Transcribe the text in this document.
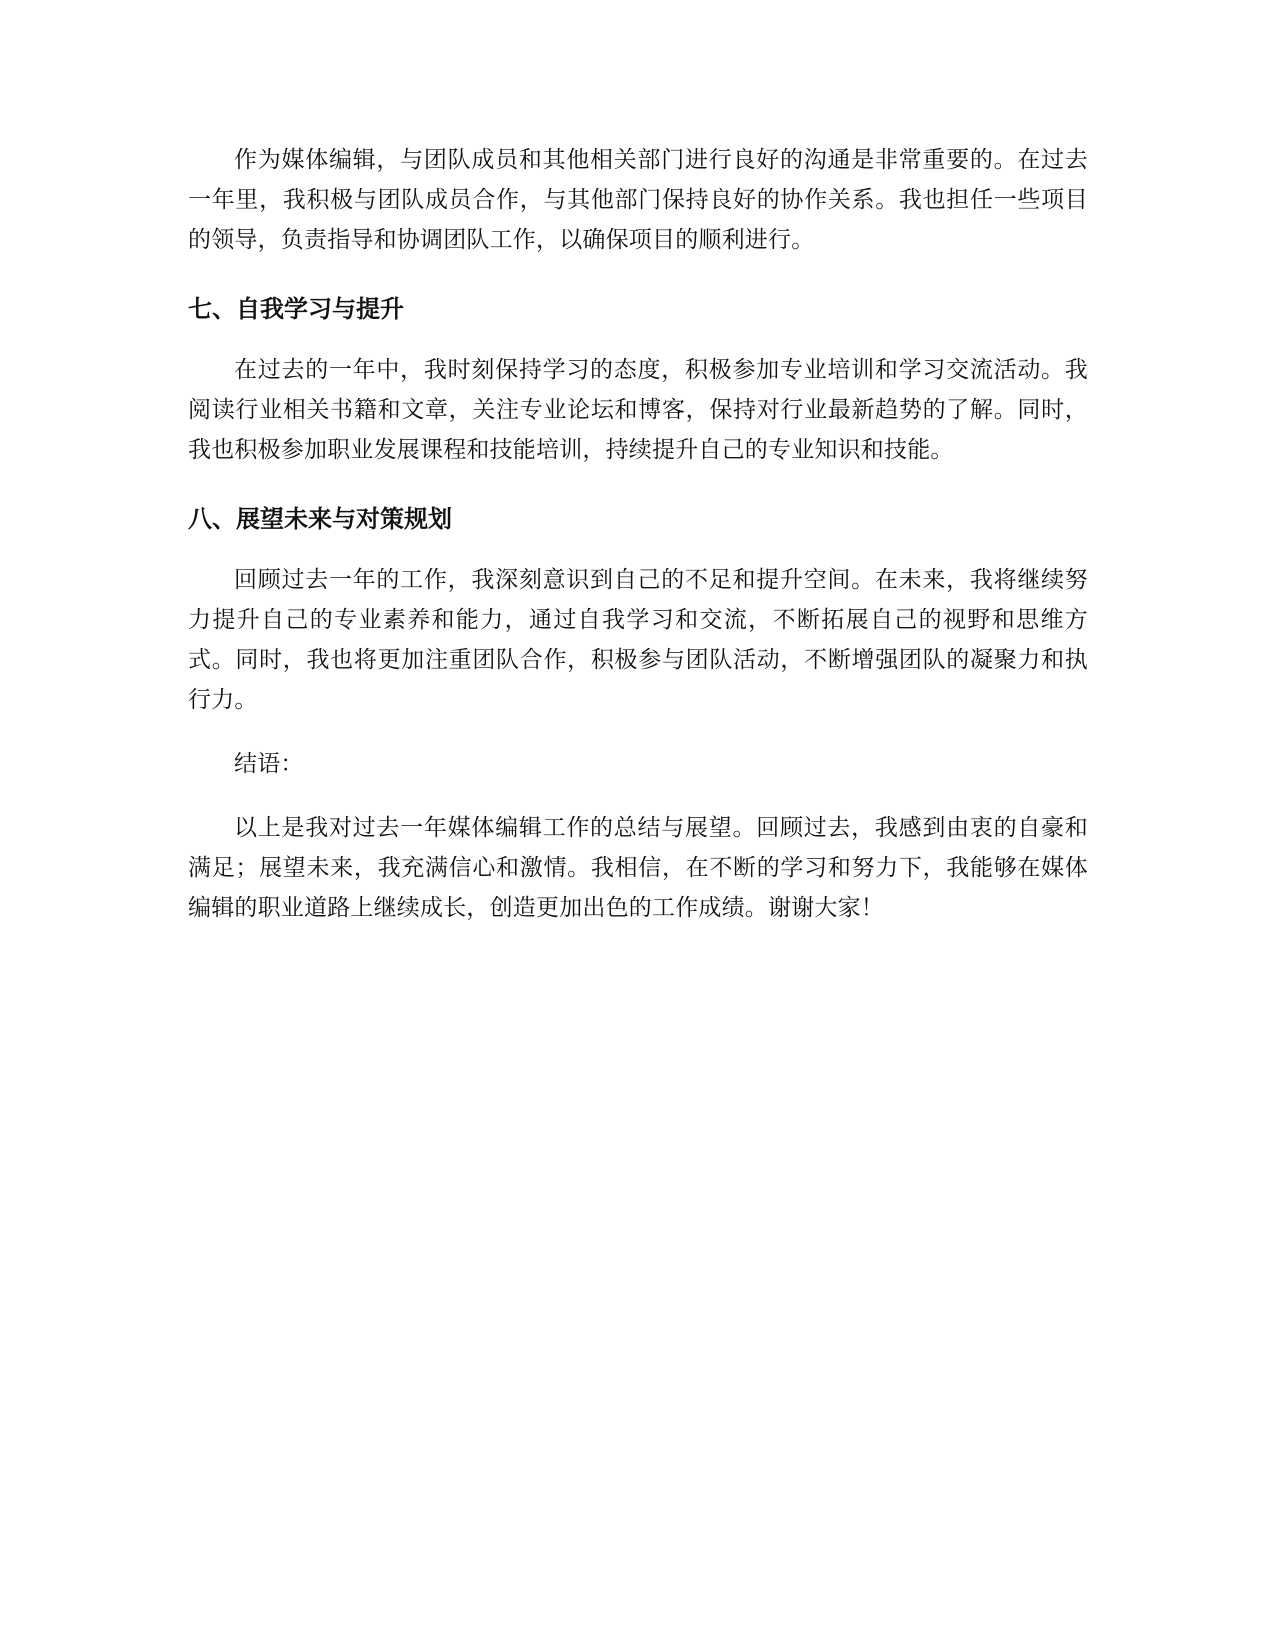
作为媒体编辑，与团队成员和其他相关部门进行良好的沟通是非常重要的。在过去一年里，我积极与团队成员合作，与其他部门保持良好的协作关系。我也担任一些项目的领导，负责指导和协调团队工作，以确保项目的顺利进行。

七、自我学习与提升

在过去的一年中，我时刻保持学习的态度，积极参加专业培训和学习交流活动。我阅读行业相关书籍和文章，关注专业论坛和博客，保持对行业最新趋势的了解。同时，我也积极参加职业发展课程和技能培训，持续提升自己的专业知识和技能。

八、展望未来与对策规划

回顾过去一年的工作，我深刻意识到自己的不足和提升空间。在未来，我将继续努力提升自己的专业素养和能力，通过自我学习和交流，不断拓展自己的视野和思维方式。同时，我也将更加注重团队合作，积极参与团队活动，不断增强团队的凝聚力和执行力。

结语：

以上是我对过去一年媒体编辑工作的总结与展望。回顾过去，我感到由衷的自豪和满足；展望未来，我充满信心和激情。我相信，在不断的学习和努力下，我能够在媒体编辑的职业道路上继续成长，创造更加出色的工作成绩。谢谢大家！
